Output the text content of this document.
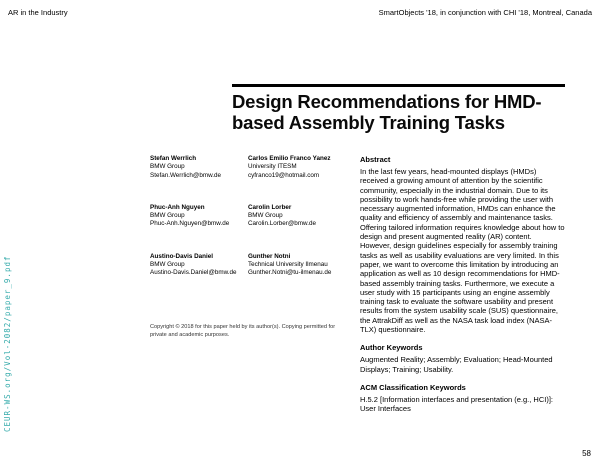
AR in the Industry	SmartObjects '18, in conjunction with CHI '18, Montreal, Canada
CEUR-WS.org/Vol-2082/paper_9.pdf
Design Recommendations for HMD-based Assembly Training Tasks
Stefan Werrlich
BMW Group
Stefan.Werrlich@bmw.de
Carlos Emilio Franco Yanez
University ITESM
cyfranco19@hotmail.com
Phuc-Anh Nguyen
BMW Group
Phuc-Anh.Nguyen@bmw.de
Carolin Lorber
BMW Group
Carolin.Lorber@bmw.de
Austino-Davis Daniel
BMW Group
Austino-Davis.Daniel@bmw.de
Gunther Notni
Technical University Ilmenau
Gunther.Notni@tu-ilmenau.de
Copyright © 2018 for this paper held by its author(s). Copying permitted for private and academic purposes.
Abstract

In the last few years, head-mounted displays (HMDs) received a growing amount of attention by the scientific community, especially in the industrial domain. Due to its possibility to work hands-free while providing the user with necessary augmented information, HMDs can enhance the quality and efficiency of assembly and maintenance tasks. Offering tailored information requires knowledge about how to design and present augmented reality (AR) content. However, design guidelines especially for assembly training tasks as well as usability evaluations are very limited. In this paper, we want to overcome this limitation by introducing an application as well as 10 design recommendations for HMD-based assembly training tasks. Furthermore, we execute a user study with 15 participants using an engine assembly training task to evaluate the software usability and present results from the system usability scale (SUS) questionnaire, the AttrakDiff as well as the NASA task load index (NASA-TLX) questionnaire.

Author Keywords

Augmented Reality; Assembly; Evaluation; Head-Mounted Displays; Training; Usability.

ACM Classification Keywords

H.5.2 [Information interfaces and presentation (e.g., HCI)]: User Interfaces

58
